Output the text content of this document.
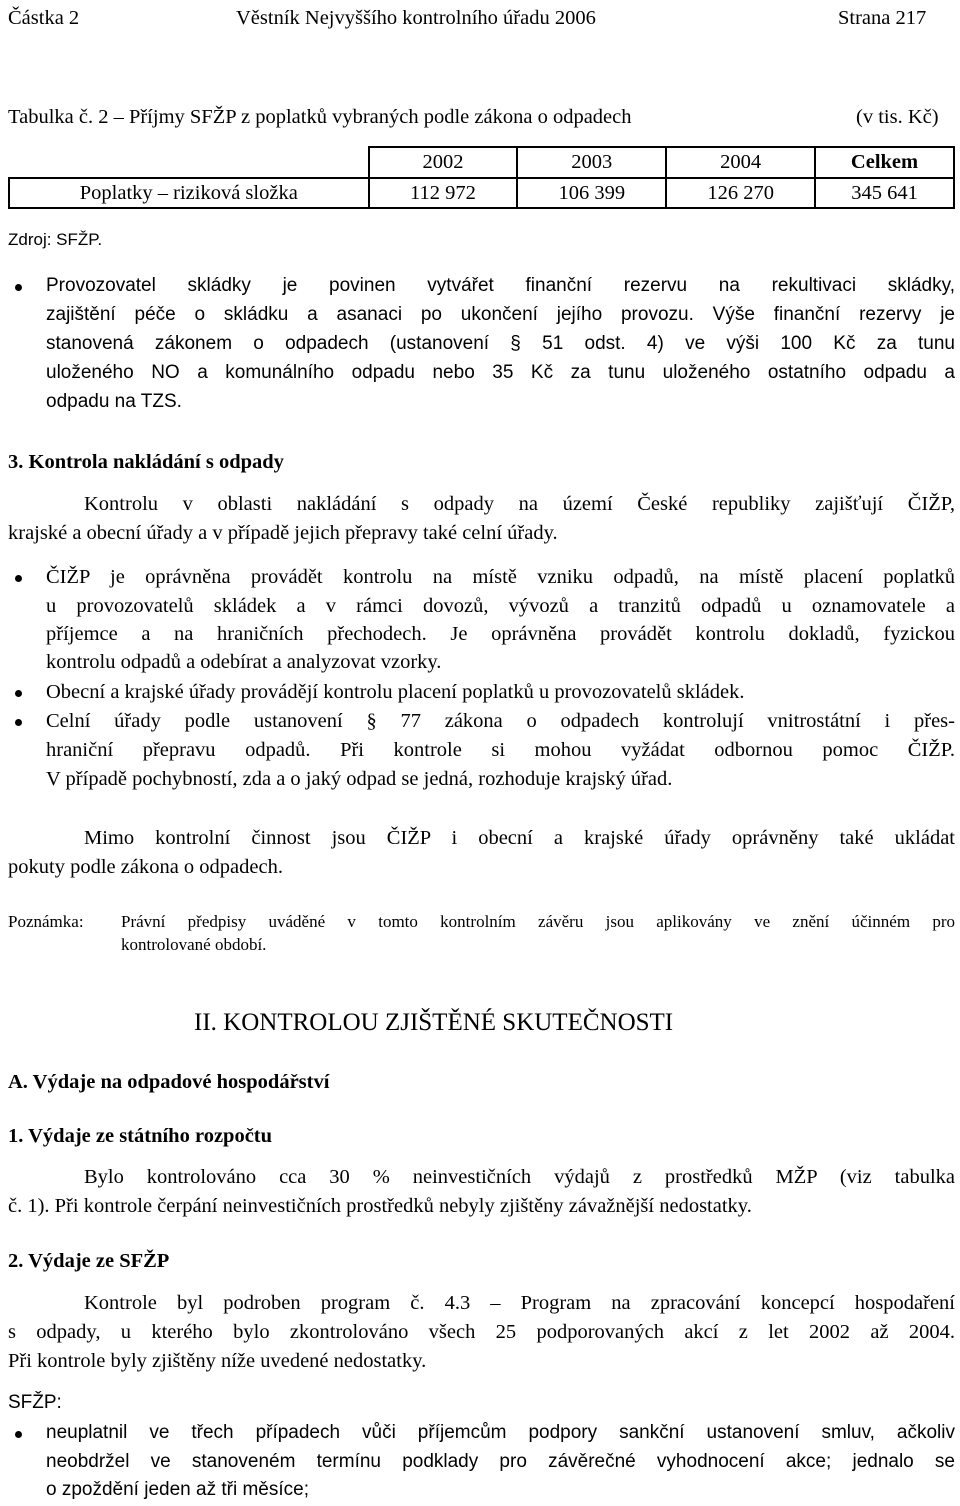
Částka 2	Věstník Nejvyššího kontrolního úřadu 2006	Strana 217
Tabulka č. 2 – Příjmy SFŽP z poplatků vybraných podle zákona o odpadech	(v tis. Kč)
	2002	2003	2004	Celkem
Poplatky – riziková složka	112 972	106 399	126 270	345 641
Zdroj: SFŽP.
Provozovatel skládky je povinen vytvářet finanční rezervu na rekultivaci skládky,
zajištění péče o skládku a asanaci po ukončení jejího provozu. Výše finanční rezervy je
stanovená zákonem o odpadech (ustanovení § 51 odst. 4) ve výši 100 Kč za tunu
uloženého NO a komunálního odpadu nebo 35 Kč za tunu uloženého ostatního odpadu a
odpadu na TZS.
3. Kontrola nakládání s odpady
Kontrolu v oblasti nakládání s odpady na území České republiky zajišťují ČIŽP,
krajské a obecní úřady a v případě jejich přepravy také celní úřady.
ČIŽP je oprávněna provádět kontrolu na místě vzniku odpadů, na místě placení poplatků
u provozovatelů skládek a v rámci dovozů, vývozů a tranzitů odpadů u oznamovatele a
příjemce a na hraničních přechodech. Je oprávněna provádět kontrolu dokladů, fyzickou
kontrolu odpadů a odebírat a analyzovat vzorky.
Obecní a krajské úřady provádějí kontrolu placení poplatků u provozovatelů skládek.
Celní úřady podle ustanovení § 77 zákona o odpadech kontrolují vnitrostátní i přes-
hraniční přepravu odpadů. Při kontrole si mohou vyžádat odbornou pomoc ČIŽP.
V případě pochybností, zda a o jaký odpad se jedná, rozhoduje krajský úřad.
Mimo kontrolní činnost jsou ČIŽP i obecní a krajské úřady oprávněny také ukládat
pokuty podle zákona o odpadech.
Poznámka: Právní předpisy uváděné v tomto kontrolním závěru jsou aplikovány ve znění účinném pro
kontrolované období.
II. KONTROLOU ZJIŠTĚNÉ SKUTEČNOSTI
A. Výdaje na odpadové hospodářství
1. Výdaje ze státního rozpočtu
Bylo kontrolováno cca 30 % neinvestičních výdajů z prostředků MŽP (viz tabulka
č. 1). Při kontrole čerpání neinvestičních prostředků nebyly zjištěny závažnější nedostatky.
2. Výdaje ze SFŽP
Kontrole byl podroben program č. 4.3 – Program na zpracování koncepcí hospodaření
s odpady, u kterého bylo zkontrolováno všech 25 podporovaných akcí z let 2002 až 2004.
Při kontrole byly zjištěny níže uvedené nedostatky.
SFŽP:
neuplatnil ve třech případech vůči příjemcům podpory sankční ustanovení smluv, ačkoliv
neobdržel ve stanoveném termínu podklady pro závěrečné vyhodnocení akce; jednalo se
o zpoždění jeden až tři měsíce;
